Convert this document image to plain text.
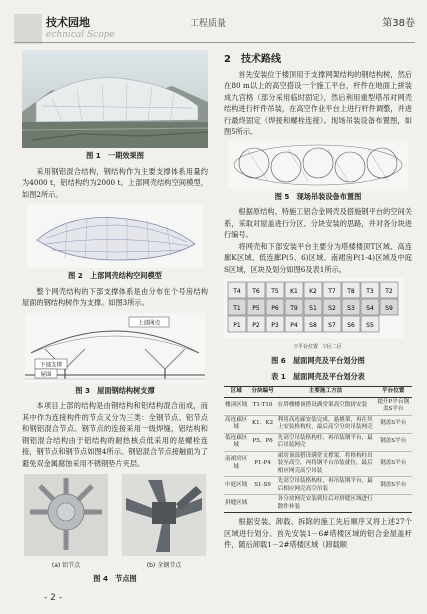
技术园地
echnical Scope
工程质量	第38卷
图 1　一期效果图

采用钢铝混合结构，钢结构作为主要支撑体系用量约为4000 t，铝结构约为2000 t。上部网壳结构空间模型，如图2所示。

图 2　上部网壳结构空间模型

整个网壳结构的下部支撑体系是由分布在个号房结构屋面的钢结构树作为支撑。如图3所示。

上部网壳
下部支撑
屋面
图 3　屋面钢结构树支撑

本项目上部的结构是由钢结构和铝结构混合而成，而其中作为连接构件的节点又分为三类：全钢节点、铝节点和钢铝混合节点。钢节点的连接采用一级焊缝，铝结构和钢铝混合结构由于铝结构的耐热核点低采用的是螺栓连接，钢节点和钢节点如图4所示。钢铝混合节点接触面为了避免双金属腐蚀采用不锈钢垫片夹层。

(a) 铝节点	(b) 全钢节点
图 4　节点图
2　技术路线

首先安装位于楼顶用于支撑网架结构的钢结构树，然后在80 m以上的高空搭设一个施工平台，杆件在地面上拼装成九宫格（部分采用临时固定），然后利用重型塔吊对网壳结构进行杆件吊装，在高空作业平台上进行杆件调整，并进行最终固定（焊接和螺栓连接）。现场吊装设备布置图，如图5所示。

图 5　现场吊装设备布置图

根据原结构、特施工铝合金网壳及搭施钢平台的空间关系，采取对屋盖进行分区、分块安装的思路，并对各分块进行编号。

将网壳和下部安装平台主要分为塔楼楼顶T区域、高连廊K区域、低连廊P(5、6)区域、南裙房P(1-4)区域及中庭S区域，区块及划分如图6及表1所示。

T4 T6 T5 K1 K2 T7 T8 T3 T2
T1 P5 P6 T9 S1 S2 S3 S4 S9
P1 P2 P3 P4 S8 S7 S6 S5
▽平台位置　▽区二区
图 6　屋面网壳及平台划分图
表 1　屋面网壳及平台划分表
区域	分块编号	主要施工方法	平台位置
楼顶区域	T1-T10	在塔楼楼顶搭设满堂架高空散拼安装	提升P平台钢盖S平台
高连廊区域	K1、K2	利用高连廊安装完成，悬挑架，再在其上安装格构柱，最后高空分块吊装网壳	钢盖S平台
低连廊区域	P5、P6	先高空吊装格构柱、再吊装钢平台，最后吊装网壳	钢盖S平台
南裙房区域	P1-P4	裙房顶部搭设满堂支撑架，将格构柱吊装至高空，再将钢平台吊装就位，最后相应网壳高空吊装	钢盖S平台
中庭区域	S1-S9	先高空吊装格构柱、再吊装钢平台，最后相应网壳高空吊装	钢盖S平台
拼缝区域		各分块网壳安装到位后对拼缝区域进行散件补装	

根据安装、卸载、拆除的施工先后顺序又将上述27个区域进行划分。首先安装1－6#塔楼区域的铝合金屋盖杆件，随后卸载1－2#塔楼区域（卸载顺

- 2 -
